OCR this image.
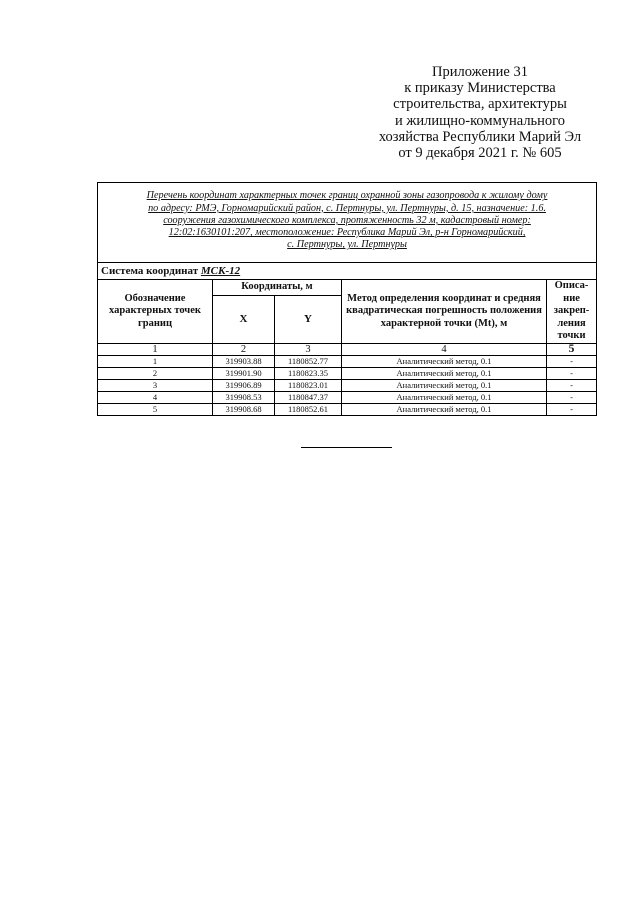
Приложение 31
к приказу Министерства
строительства, архитектуры
и жилищно-коммунального
хозяйства Республики Марий Эл
от 9 декабря 2021 г. № 605
Перечень координат характерных точек границ охранной зоны газопровода к жилому дому
по адресу: РМЭ, Горномарийский район, с. Пертнуры, ул. Пертнуры, д. 15, назначение: 1.6.
сооружения газохимического комплекса, протяженность 32 м, кадастровый номер:
12:02:1630101:207, местоположение: Республика Марий Эл, р-н Горномарийский,
с. Пертнуры, ул. Пертнуры				

Система координат МСК-12				
Обозначение характерных точек границ	Координаты, м		Метод определения координат и средняя квадратическая погрешность положения характерной точки (Mt), м	Описа-ние закреп-ления точки
	X	Y		
1	2	3	4	5
1	319903.88	1180852.77	Аналитический метод, 0.1	-
2	319901.90	1180823.35	Аналитический метод, 0.1	-
3	319906.89	1180823.01	Аналитический метод, 0.1	-
4	319908.53	1180847.37	Аналитический метод, 0.1	-
5	319908.68	1180852.61	Аналитический метод, 0.1	-
